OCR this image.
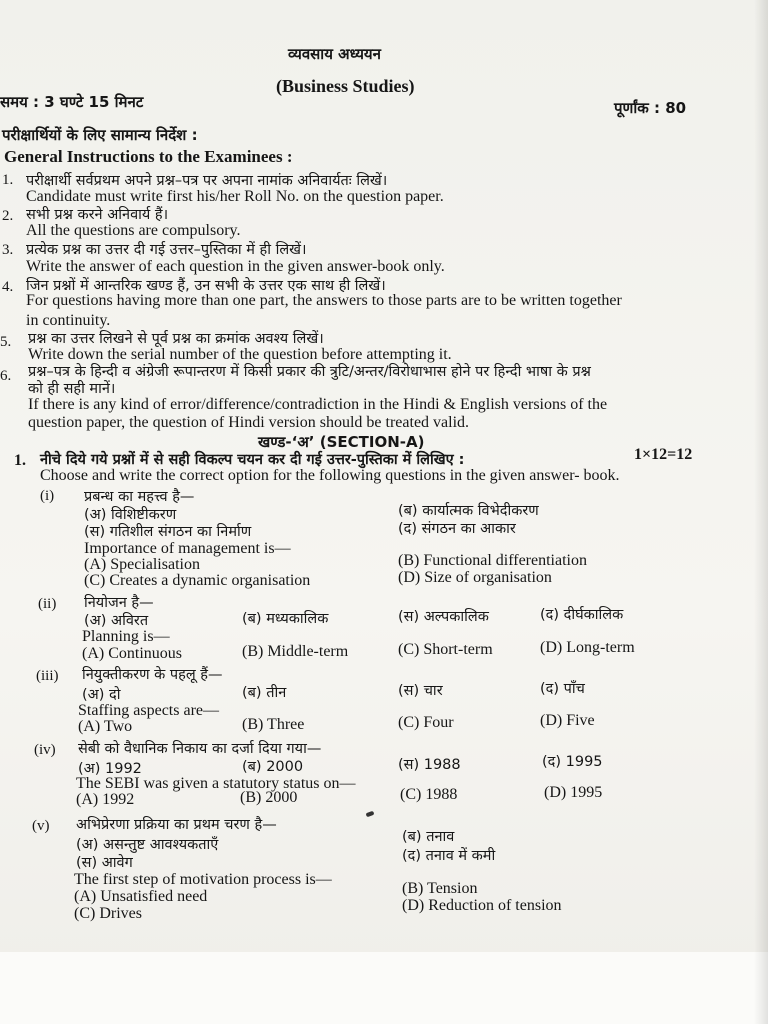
व्यवसाय अध्ययन
(Business Studies)
समय : 3 घण्टे 15 मिनट	पूर्णांक : 80
परीक्षार्थियों के लिए सामान्य निर्देश :
General Instructions to the Examinees :
1. परीक्षार्थी सर्वप्रथम अपने प्रश्न–पत्र पर अपना नामांक अनिवार्यतः लिखें।
Candidate must write first his/her Roll No. on the question paper.
2. सभी प्रश्न करने अनिवार्य हैं।
All the questions are compulsory.
3. प्रत्येक प्रश्न का उत्तर दी गई उत्तर–पुस्तिका में ही लिखें।
Write the answer of each question in the given answer-book only.
4. जिन प्रश्नों में आन्तरिक खण्ड हैं, उन सभी के उत्तर एक साथ ही लिखें।
For questions having more than one part, the answers to those parts are to be written together
in continuity.
5. प्रश्न का उत्तर लिखने से पूर्व प्रश्न का क्रमांक अवश्य लिखें।
Write down the serial number of the question before attempting it.
6. प्रश्न–पत्र के हिन्दी व अंग्रेजी रूपान्तरण में किसी प्रकार की त्रुटि/अन्तर/विरोधाभास होने पर हिन्दी भाषा के प्रश्न
को ही सही मानें।
If there is any kind of error/difference/contradiction in the Hindi & English versions of the
question paper, the question of Hindi version should be treated valid.
खण्ड-‘अ’ (SECTION-A)
1. नीचे दिये गये प्रश्नों में से सही विकल्प चयन कर दी गई उत्तर-पुस्तिका में लिखिए :	1×12=12
Choose and write the correct option for the following questions in the given answer- book.
(i) प्रबन्ध का महत्त्व है—
(अ) विशिष्टीकरण	(ब) कार्यात्मक विभेदीकरण
(स) गतिशील संगठन का निर्माण	(द) संगठन का आकार
Importance of management is—
(A) Specialisation	(B) Functional differentiation
(C) Creates a dynamic organisation	(D) Size of organisation
(ii) नियोजन है—
(अ) अविरत	(ब) मध्यकालिक	(स) अल्पकालिक	(द) दीर्घकालिक
Planning is—
(A) Continuous	(B) Middle-term	(C) Short-term	(D) Long-term
(iii) नियुक्तीकरण के पहलू हैं—
(अ) दो	(ब) तीन	(स) चार	(द) पाँच
Staffing aspects are—
(A) Two	(B) Three	(C) Four	(D) Five
(iv) सेबी को वैधानिक निकाय का दर्जा दिया गया—
(अ) 1992	(ब) 2000	(स) 1988	(द) 1995
The SEBI was given a statutory status on—
(A) 1992	(B) 2000	(C) 1988	(D) 1995
(v) अभिप्रेरणा प्रक्रिया का प्रथम चरण है—
(अ) असन्तुष्ट आवश्यकताएँ	(ब) तनाव
(स) आवेग	(द) तनाव में कमी
The first step of motivation process is—
(A) Unsatisfied need	(B) Tension
(C) Drives	(D) Reduction of tension
